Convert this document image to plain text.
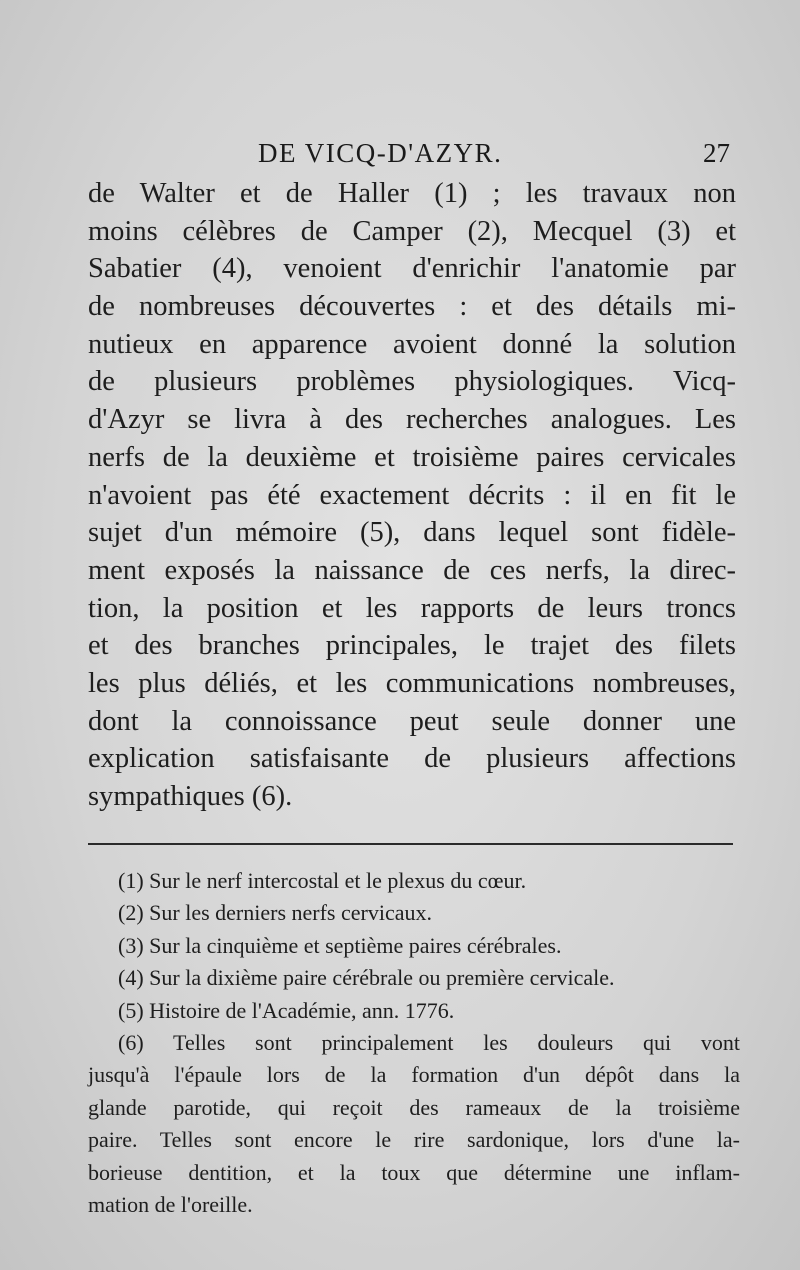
DE VICQ-D'AZYR.	27
de Walter et de Haller (1) ; les travaux non
moins célèbres de Camper (2), Mecquel (3) et
Sabatier (4), venoient d'enrichir l'anatomie par
de nombreuses découvertes : et des détails mi-
nutieux en apparence avoient donné la solution
de plusieurs problèmes physiologiques. Vicq-
d'Azyr se livra à des recherches analogues. Les
nerfs de la deuxième et troisième paires cervicales
n'avoient pas été exactement décrits : il en fit le
sujet d'un mémoire (5), dans lequel sont fidèle-
ment exposés la naissance de ces nerfs, la direc-
tion, la position et les rapports de leurs troncs
et des branches principales, le trajet des filets
les plus déliés, et les communications nombreuses,
dont la connoissance peut seule donner une
explication satisfaisante de plusieurs affections
sympathiques (6).
(1) Sur le nerf intercostal et le plexus du cœur.
(2) Sur les derniers nerfs cervicaux.
(3) Sur la cinquième et septième paires cérébrales.
(4) Sur la dixième paire cérébrale ou première cervicale.
(5) Histoire de l'Académie, ann. 1776.
(6) Telles sont principalement les douleurs qui vont
jusqu'à l'épaule lors de la formation d'un dépôt dans la
glande parotide, qui reçoit des rameaux de la troisième
paire. Telles sont encore le rire sardonique, lors d'une la-
borieuse dentition, et la toux que détermine une inflam-
mation de l'oreille.
